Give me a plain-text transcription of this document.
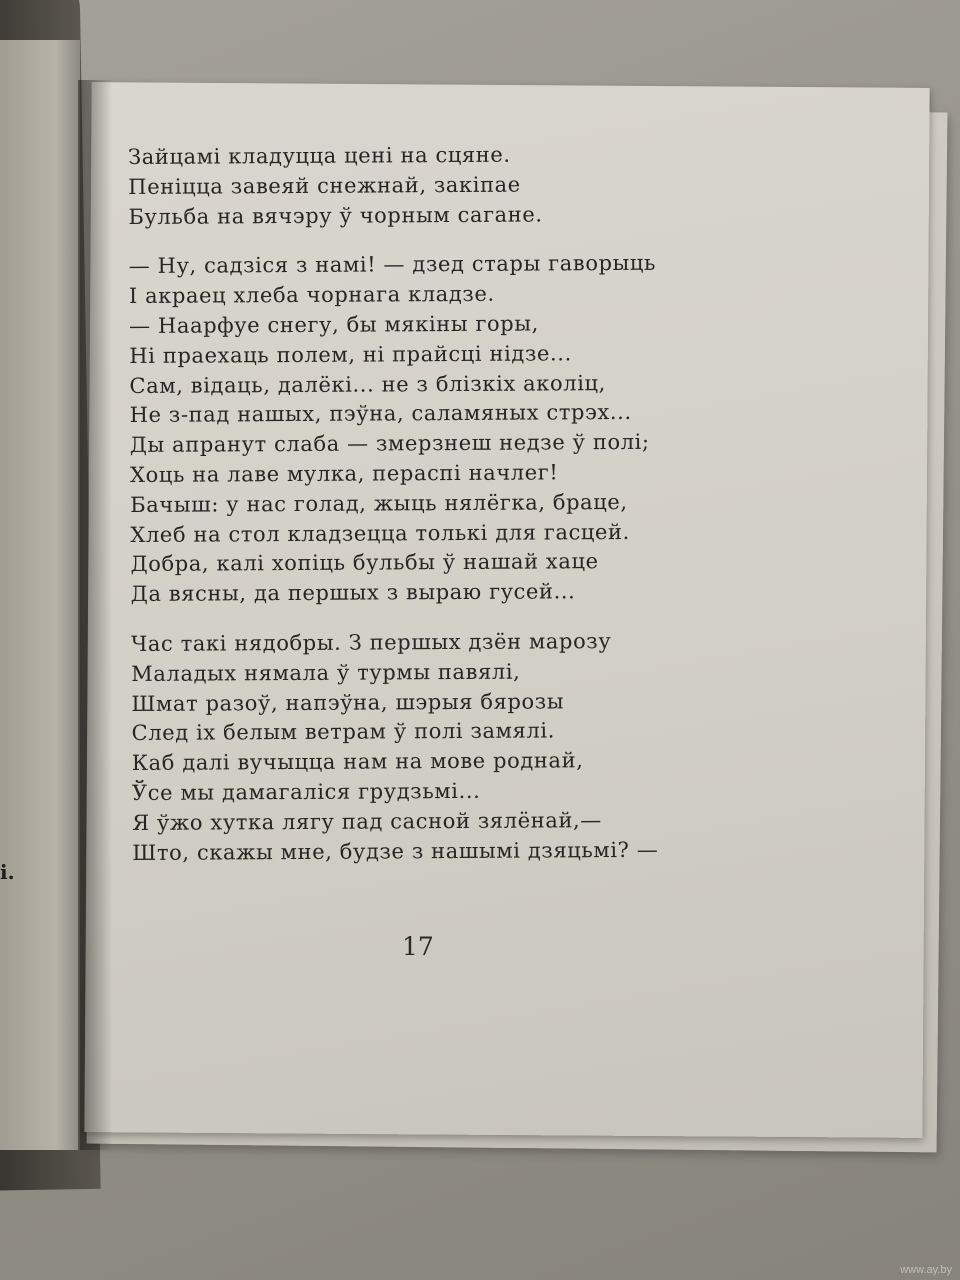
і.
Зайцамі кладуцца цені на сцяне.
Пеніцца завеяй снежнай, закіпае
Бульба на вячэру ў чорным сагане.
— Ну, садзіся з намі! — дзед стары гаворыць
І акраец хлеба чорнага кладзе.
— Наарфуе снегу, бы мякіны горы,
Ні праехаць полем, ні прайсці нідзе...
Сам, відаць, далёкі... не з блізкіх аколіц,
Не з-пад нашых, пэўна, саламяных стрэх...
Ды апранут слаба — змерзнеш недзе ў полі;
Хоць на лаве мулка, пераспі начлег!
Бачыш: у нас голад, жыць нялёгка, браце,
Хлеб на стол кладзецца толькі для гасцей.
Добра, калі хопіць бульбы ў нашай хаце
Да вясны, да першых з выраю гусей...
Час такі нядобры. З першых дзён марозу
Маладых нямала ў турмы павялі,
Шмат разоў, напэўна, шэрыя бярозы
След іх белым ветрам ў полі замялі.
Каб далі вучыцца нам на мове роднай,
Ўсе мы дамагаліся грудзьмі...
Я ўжо хутка лягу пад сасной зялёнай,—
Што, скажы мне, будзе з нашымі дзяцьмі? —
17
www.ay.by
